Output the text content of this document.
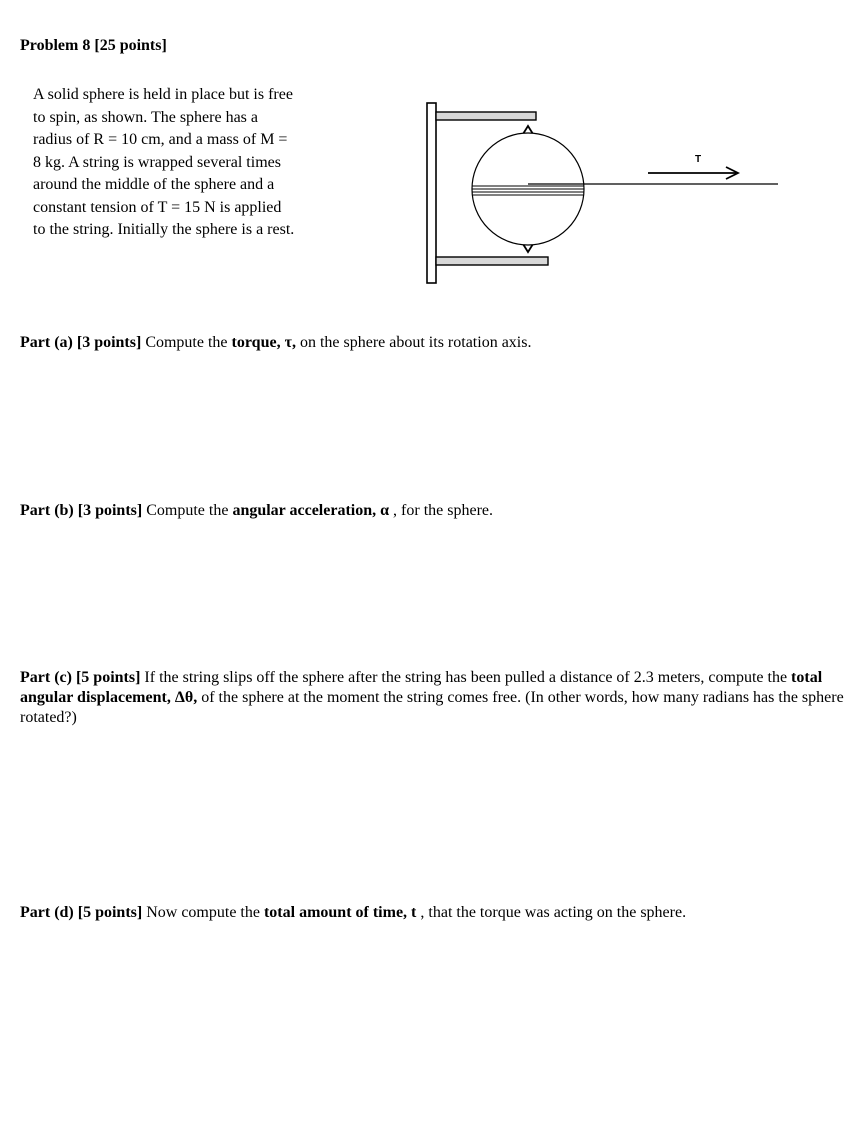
Problem 8 [25 points]
A solid sphere is held in place but is free
to spin, as shown. The sphere has a
radius of R = 10 cm, and a mass of M =
8 kg. A string is wrapped several times
around the middle of the sphere and a
constant tension of T = 15 N is applied
to the string. Initially the sphere is a rest.
T
Part (a) [3 points] Compute the torque, τ, on the sphere about its rotation axis.
Part (b) [3 points] Compute the angular acceleration, α , for the sphere.
Part (c) [5 points] If the string slips off the sphere after the string has been pulled a distance of 2.3 meters, compute the total angular displacement, Δθ, of the sphere at the moment the string comes free. (In other words, how many radians has the sphere rotated?)
Part (d) [5 points] Now compute the total amount of time, t , that the torque was acting on the sphere.
